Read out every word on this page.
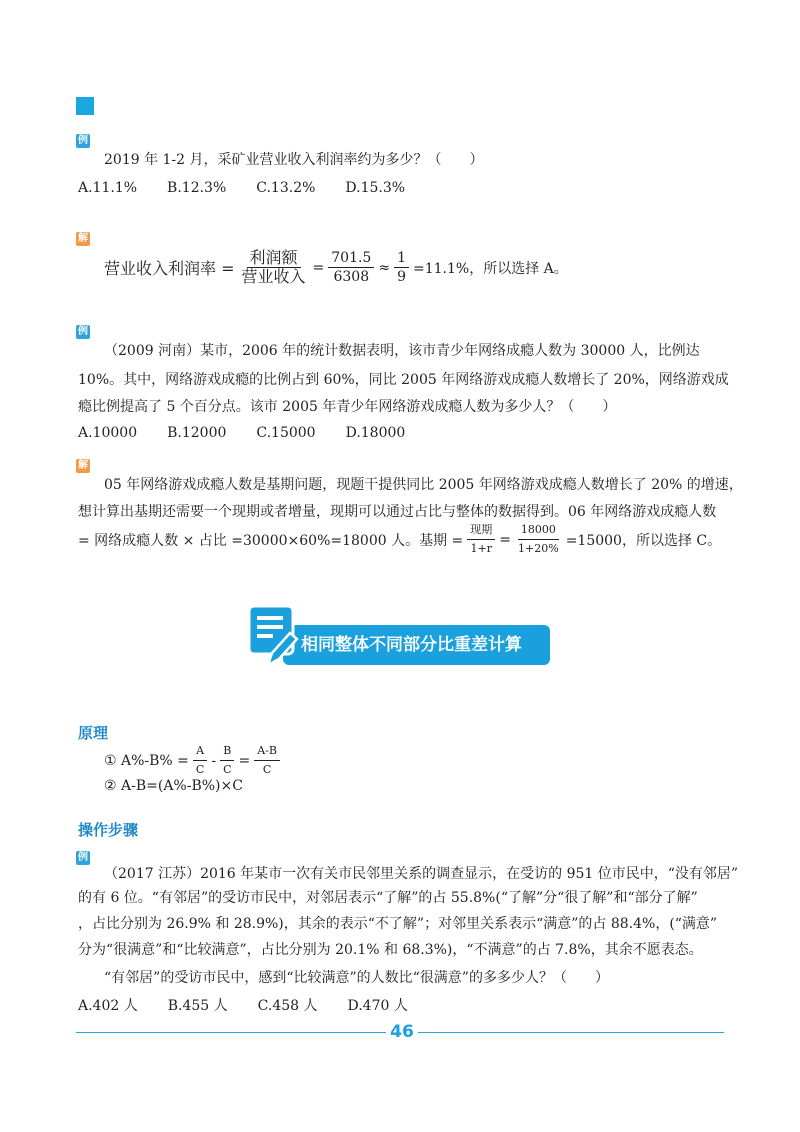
例
2019 年 1-2 月，采矿业营业收入利润率约为多少？（　　）
A.11.1% B.12.3% C.13.2% D.15.3%
解
营业收入利润率 = $\frac{\text{利润额}}{\text{营业收入}} = \frac{701.5}{6308} \approx \frac{1}{9} =11.1\%$，所以选择 A。
例
（2009 河南）某市，2006 年的统计数据表明，该市青少年网络成瘾人数为 30000 人，比例达
10%。其中，网络游戏成瘾的比例占到 60%，同比 2005 年网络游戏成瘾人数增长了 20%，网络游戏成
瘾比例提高了 5 个百分点。该市 2005 年青少年网络游戏成瘾人数为多少人？（　　）
A.10000 B.12000 C.15000 D.18000
解
05 年网络游戏成瘾人数是基期问题，现题干提供同比 2005 年网络游戏成瘾人数增长了 20% 的增速，
想计算出基期还需要一个现期或者增量，现期可以通过占比与整体的数据得到。06 年网络游戏成瘾人数
= 网络成瘾人数 × 占比 =30000×60%=18000 人。基期 = $\frac{\text{现期}}{1+r} = \frac{18000}{1+20\%} =15000$，所以选择 C。
相同整体不同部分比重差计算
原理
① $A\%-B\% = \frac{A}{C} - \frac{B}{C} = \frac{A-B}{C}$
② A-B=(A%-B%)×C
操作步骤
例
（2017 江苏）2016 年某市一次有关市民邻里关系的调查显示，在受访的 951 位市民中，“没有邻居”
的有 6 位。“有邻居”的受访市民中，对邻居表示“了解”的占 55.8%(“了解”分“很了解”和“部分了解”
，占比分别为 26.9% 和 28.9%)，其余的表示“不了解”；对邻里关系表示“满意”的占 88.4%，(“满意”
分为“很满意”和“比较满意”，占比分别为 20.1% 和 68.3%)，“不满意”的占 7.8%，其余不愿表态。
“有邻居”的受访市民中，感到“比较满意”的人数比“很满意”的多多少人？（　　）
A.402 人 B.455 人 C.458 人 D.470 人
46
